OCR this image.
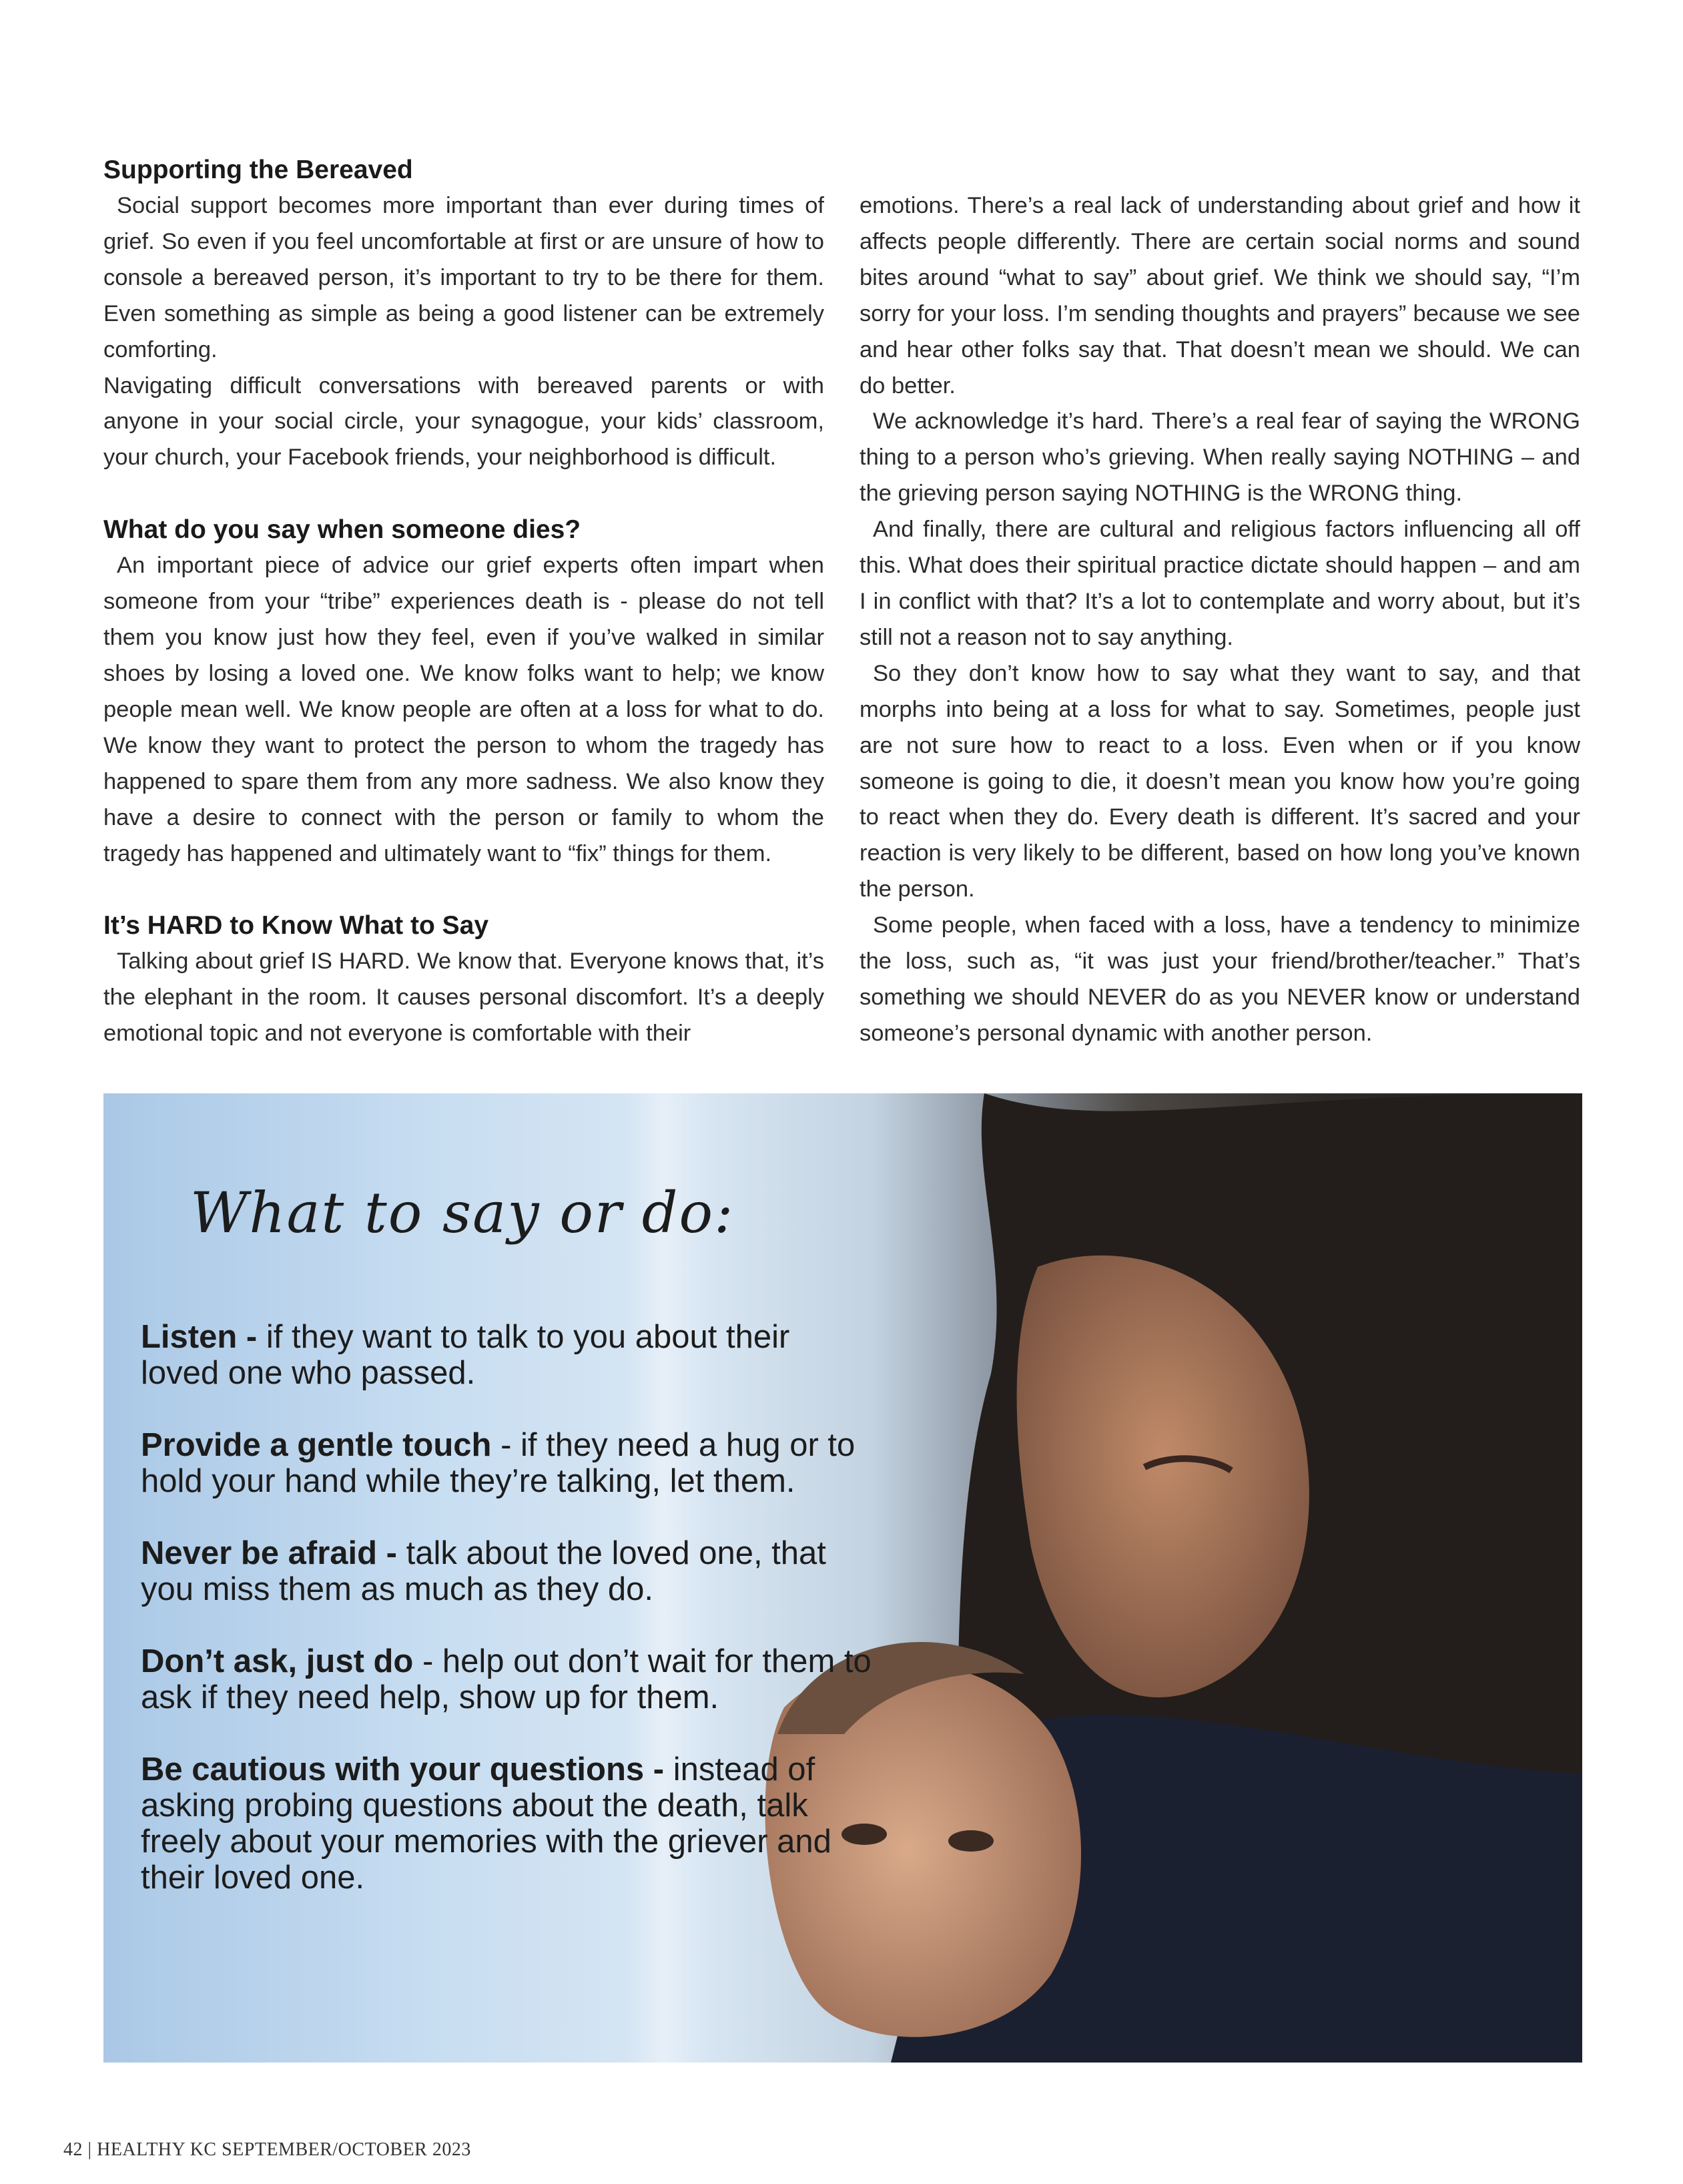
Supporting the Bereaved

Social support becomes more important than ever during times of grief. So even if you feel uncomfortable at first or are unsure of how to console a bereaved person, it’s important to try to be there for them. Even something as simple as being a good listener can be extremely comforting.

Navigating difficult conversations with bereaved parents or with anyone in your social circle, your synagogue, your kids’ classroom, your church, your Facebook friends, your neighborhood is difficult.

What do you say when someone dies?

An important piece of advice our grief experts often impart when someone from your “tribe” experiences death is - please do not tell them you know just how they feel, even if you’ve walked in similar shoes by losing a loved one. We know folks want to help; we know people mean well. We know people are often at a loss for what to do. We know they want to protect the person to whom the tragedy has happened to spare them from any more sadness. We also know they have a desire to connect with the person or family to whom the tragedy has happened and ultimately want to “fix” things for them.

It’s HARD to Know What to Say

Talking about grief IS HARD. We know that. Everyone knows that, it’s the elephant in the room. It causes personal discomfort. It’s a deeply emotional topic and not everyone is comfortable with their

emotions. There’s a real lack of understanding about grief and how it affects people differently. There are certain social norms and sound bites around “what to say” about grief. We think we should say, “I’m sorry for your loss. I’m sending thoughts and prayers” because we see and hear other folks say that. That doesn’t mean we should. We can do better.

We acknowledge it’s hard. There’s a real fear of saying the WRONG thing to a person who’s grieving. When really saying NOTHING – and the grieving person saying NOTHING is the WRONG thing.

And finally, there are cultural and religious factors influencing all off this. What does their spiritual practice dictate should happen – and am I in conflict with that? It’s a lot to contemplate and worry about, but it’s still not a reason not to say anything.

So they don’t know how to say what they want to say, and that morphs into being at a loss for what to say. Sometimes, people just are not sure how to react to a loss. Even when or if you know someone is going to die, it doesn’t mean you know how you’re going to react when they do. Every death is different. It’s sacred and your reaction is very likely to be different, based on how long you’ve known the person.

Some people, when faced with a loss, have a tendency to minimize the loss, such as, “it was just your friend/brother/teacher.” That’s something we should NEVER do as you NEVER know or understand someone’s personal dynamic with another person.

What to say or do:

Listen - if they want to talk to you about their loved one who passed.

Provide a gentle touch - if they need a hug or to hold your hand while they’re talking, let them.

Never be afraid - talk about the loved one, that you miss them as much as they do.

Don’t ask, just do - help out don’t wait for them to ask if they need help, show up for them.

Be cautious with your questions - instead of asking probing questions about the death, talk freely about your memories with the griever and their loved one.

42 | HEALTHY KC SEPTEMBER/OCTOBER 2023
